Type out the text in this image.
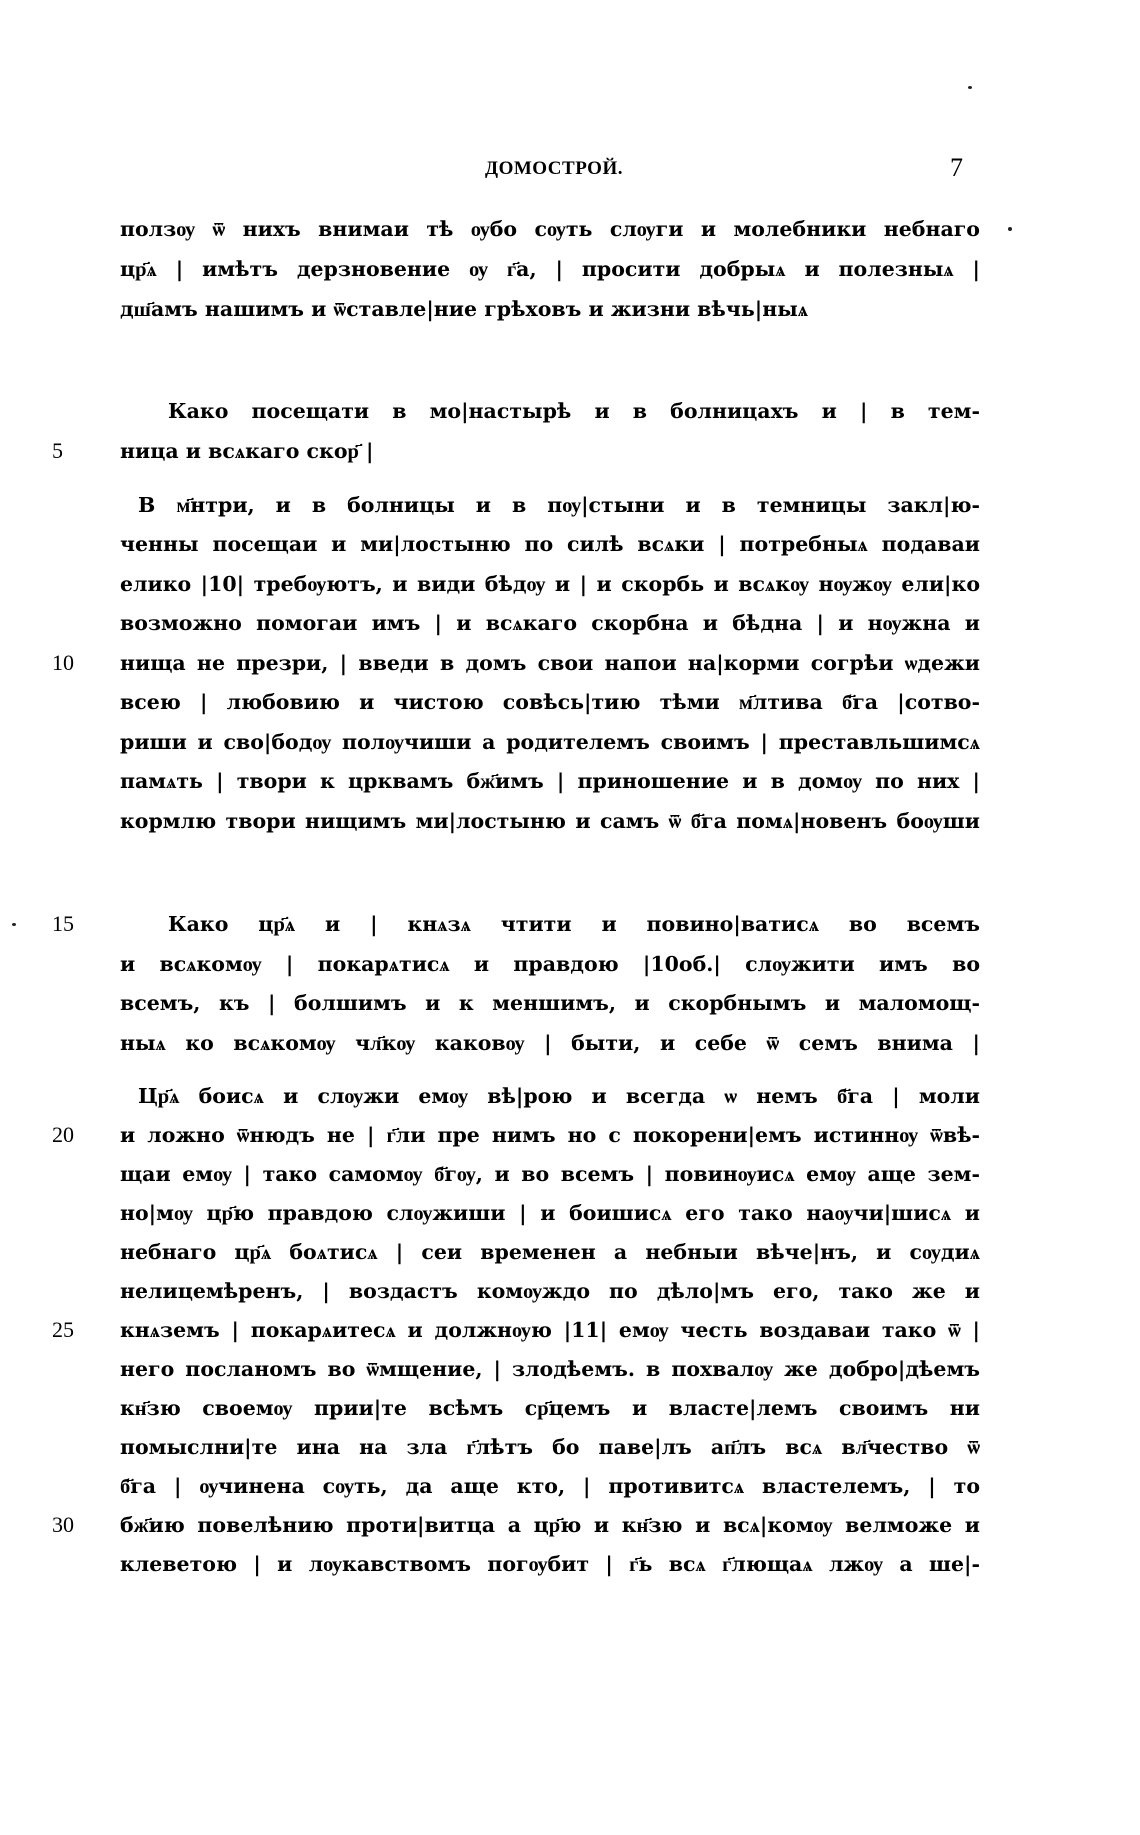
ДОМОСТРОЙ.	7
ползѹ ѿ нихъ внимаи тѣ ѹбо сѹть слѹги и молебники небнаго
цр҃ѧ | имѣтъ дерзновение ѹ г҃а, | просити добрыѧ и полезныѧ |
дш҃амъ нашимъ и ѿставле|ние грѣховъ и жизни вѣчь|ныѧ
Како посещати в мо|настырѣ и в болницахъ и | в тем-
5	ница и всѧкаго скор҃ |
В м҃нтри, и в болницы и в пѹ|стыни и в темницы закл|ю-
ченны посещаи и ми|лостыню по силѣ всѧки | потребныѧ подаваи
елико |10| требѹютъ, и види бѣдѹ и | и скорбь и всѧкѹ нѹжѹ ели|ко
возможно помогаи имъ | и всѧкаго скорбна и бѣдна | и нѹжна и
10	нища не презри, | введи в домъ свои напои на|корми согрѣи ѡдежи
всею | любовию и чистою совѣсь|тию тѣми м҃лтива б҃га |сотво-
риши и сво|бодѹ полѹчиши а родителемъ своимъ | преставльшимсѧ
памѧть | твори к црквамъ бж҃имъ | приношение и в домѹ по них |
кормлю твори нищимъ ми|лостыню и самъ ѿ б҃га помѧ|новенъ боѹши
15	Како цр҃ѧ и | кнѧзѧ чтити и повино|ватисѧ во всемъ
и всѧкомѹ | покарѧтисѧ и правдою |10об.| слѹжити имъ во
всемъ, къ | болшимъ и к меншимъ, и скорбнымъ и маломощ-
ныѧ ко всѧкомѹ чл҃кѹ каковѹ | быти, и себе ѿ семъ внима |
Цр҃ѧ боисѧ и слѹжи емѹ вѣ|рою и всегда ѡ немъ б҃га | моли
20	и ложно ѿнюдъ не | г҃ли пре нимъ но с покорени|емъ истиннѹ ѿвѣ-
щаи емѹ | тако самомѹ б҃гѹ, и во всемъ | повинѹисѧ емѹ аще зем-
но|мѹ цр҃ю правдою слѹжиши | и боишисѧ его тако наѹчи|шисѧ и
небнаго цр҃ѧ боѧтисѧ | сеи временен а небныи вѣче|нъ, и сѹдиѧ
нелицемѣренъ, | воздастъ комѹждо по дѣло|мъ его, тако же и
25	кнѧземъ | покарѧитесѧ и должнѹю |11| емѹ честь воздаваи тако ѿ |
него посланомъ во ѿмщение, | злодѣемъ. в похвалѹ же добро|дѣемъ
кн҃зю своемѹ прии|те всѣмъ ср҃цемъ и власте|лемъ своимъ ни
помыслни|те ина на зла г҃лѣтъ бо паве|лъ ап҃лъ всѧ вл҃чество ѿ
б҃га | ѹчинена сѹть, да аще кто, | противитсѧ властелемъ, | то
30	бж҃ию повелѣнию проти|витца а цр҃ю и кн҃зю и всѧ|комѹ велможе и
клеветою | и лѹкавствомъ погѹбит | г҃ь всѧ г҃лющаѧ лжѹ а ше|-
